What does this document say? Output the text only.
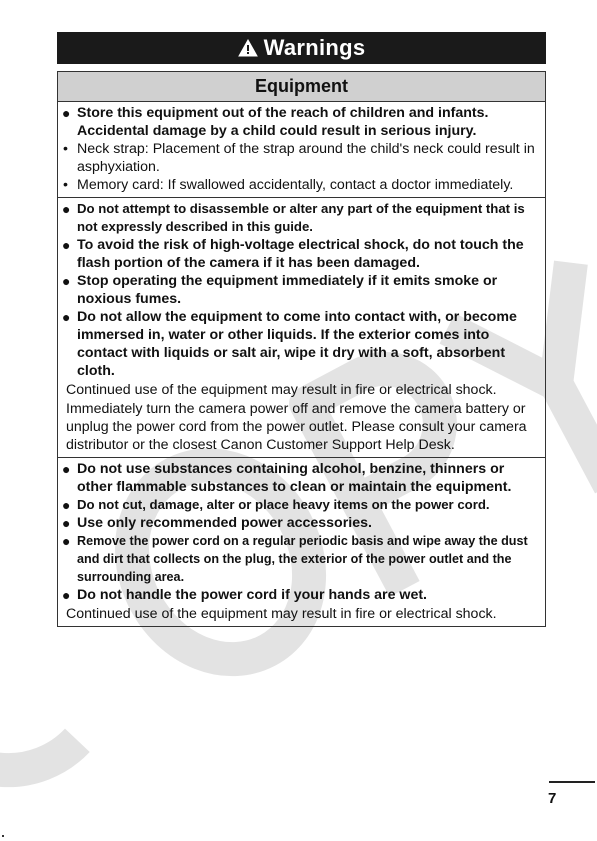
Warnings
Equipment
● Store this equipment out of the reach of children and infants. Accidental damage by a child could result in serious injury.
• Neck strap: Placement of the strap around the child's neck could result in asphyxiation.
• Memory card: If swallowed accidentally, contact a doctor immediately.
● Do not attempt to disassemble or alter any part of the equipment that is not expressly described in this guide.
● To avoid the risk of high-voltage electrical shock, do not touch the flash portion of the camera if it has been damaged.
● Stop operating the equipment immediately if it emits smoke or noxious fumes.
● Do not allow the equipment to come into contact with, or become immersed in, water or other liquids. If the exterior comes into contact with liquids or salt air, wipe it dry with a soft, absorbent cloth.
Continued use of the equipment may result in fire or electrical shock.
Immediately turn the camera power off and remove the camera battery or unplug the power cord from the power outlet. Please consult your camera distributor or the closest Canon Customer Support Help Desk.
● Do not use substances containing alcohol, benzine, thinners or other flammable substances to clean or maintain the equipment.
● Do not cut, damage, alter or place heavy items on the power cord.
● Use only recommended power accessories.
● Remove the power cord on a regular periodic basis and wipe away the dust and dirt that collects on the plug, the exterior of the power outlet and the surrounding area.
● Do not handle the power cord if your hands are wet.
Continued use of the equipment may result in fire or electrical shock.
7
